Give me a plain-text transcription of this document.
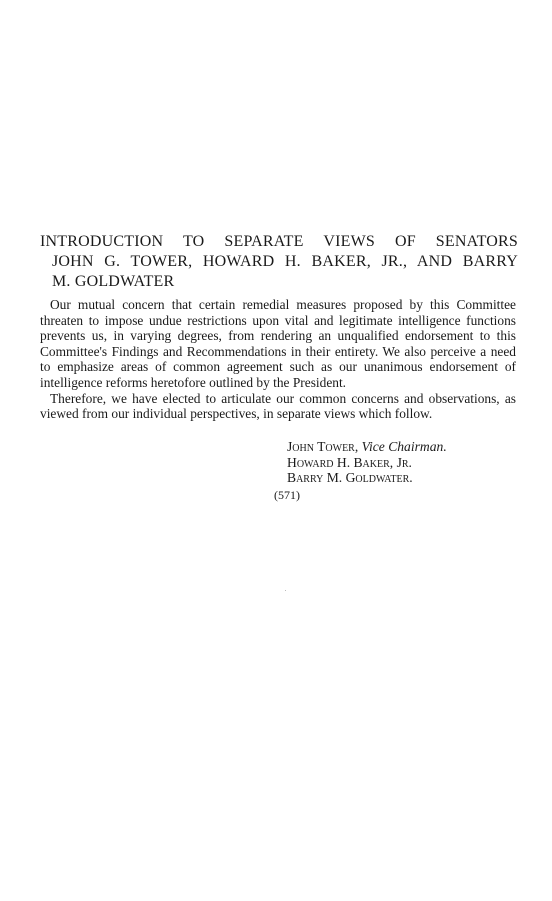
INTRODUCTION TO SEPARATE VIEWS OF SENATORS
JOHN G. TOWER, HOWARD H. BAKER, JR., AND BARRY
M. GOLDWATER

Our mutual concern that certain remedial measures proposed by this Committee threaten to impose undue restrictions upon vital and legitimate intelligence functions prevents us, in varying degrees, from rendering an unqualified endorsement to this Committee's Findings and Recommendations in their entirety. We also perceive a need to emphasize areas of common agreement such as our unanimous endorsement of intelligence reforms heretofore outlined by the President.

Therefore, we have elected to articulate our common concerns and observations, as viewed from our individual perspectives, in separate views which follow.

John Tower, Vice Chairman.
Howard H. Baker, Jr.
Barry M. Goldwater.
(571)
